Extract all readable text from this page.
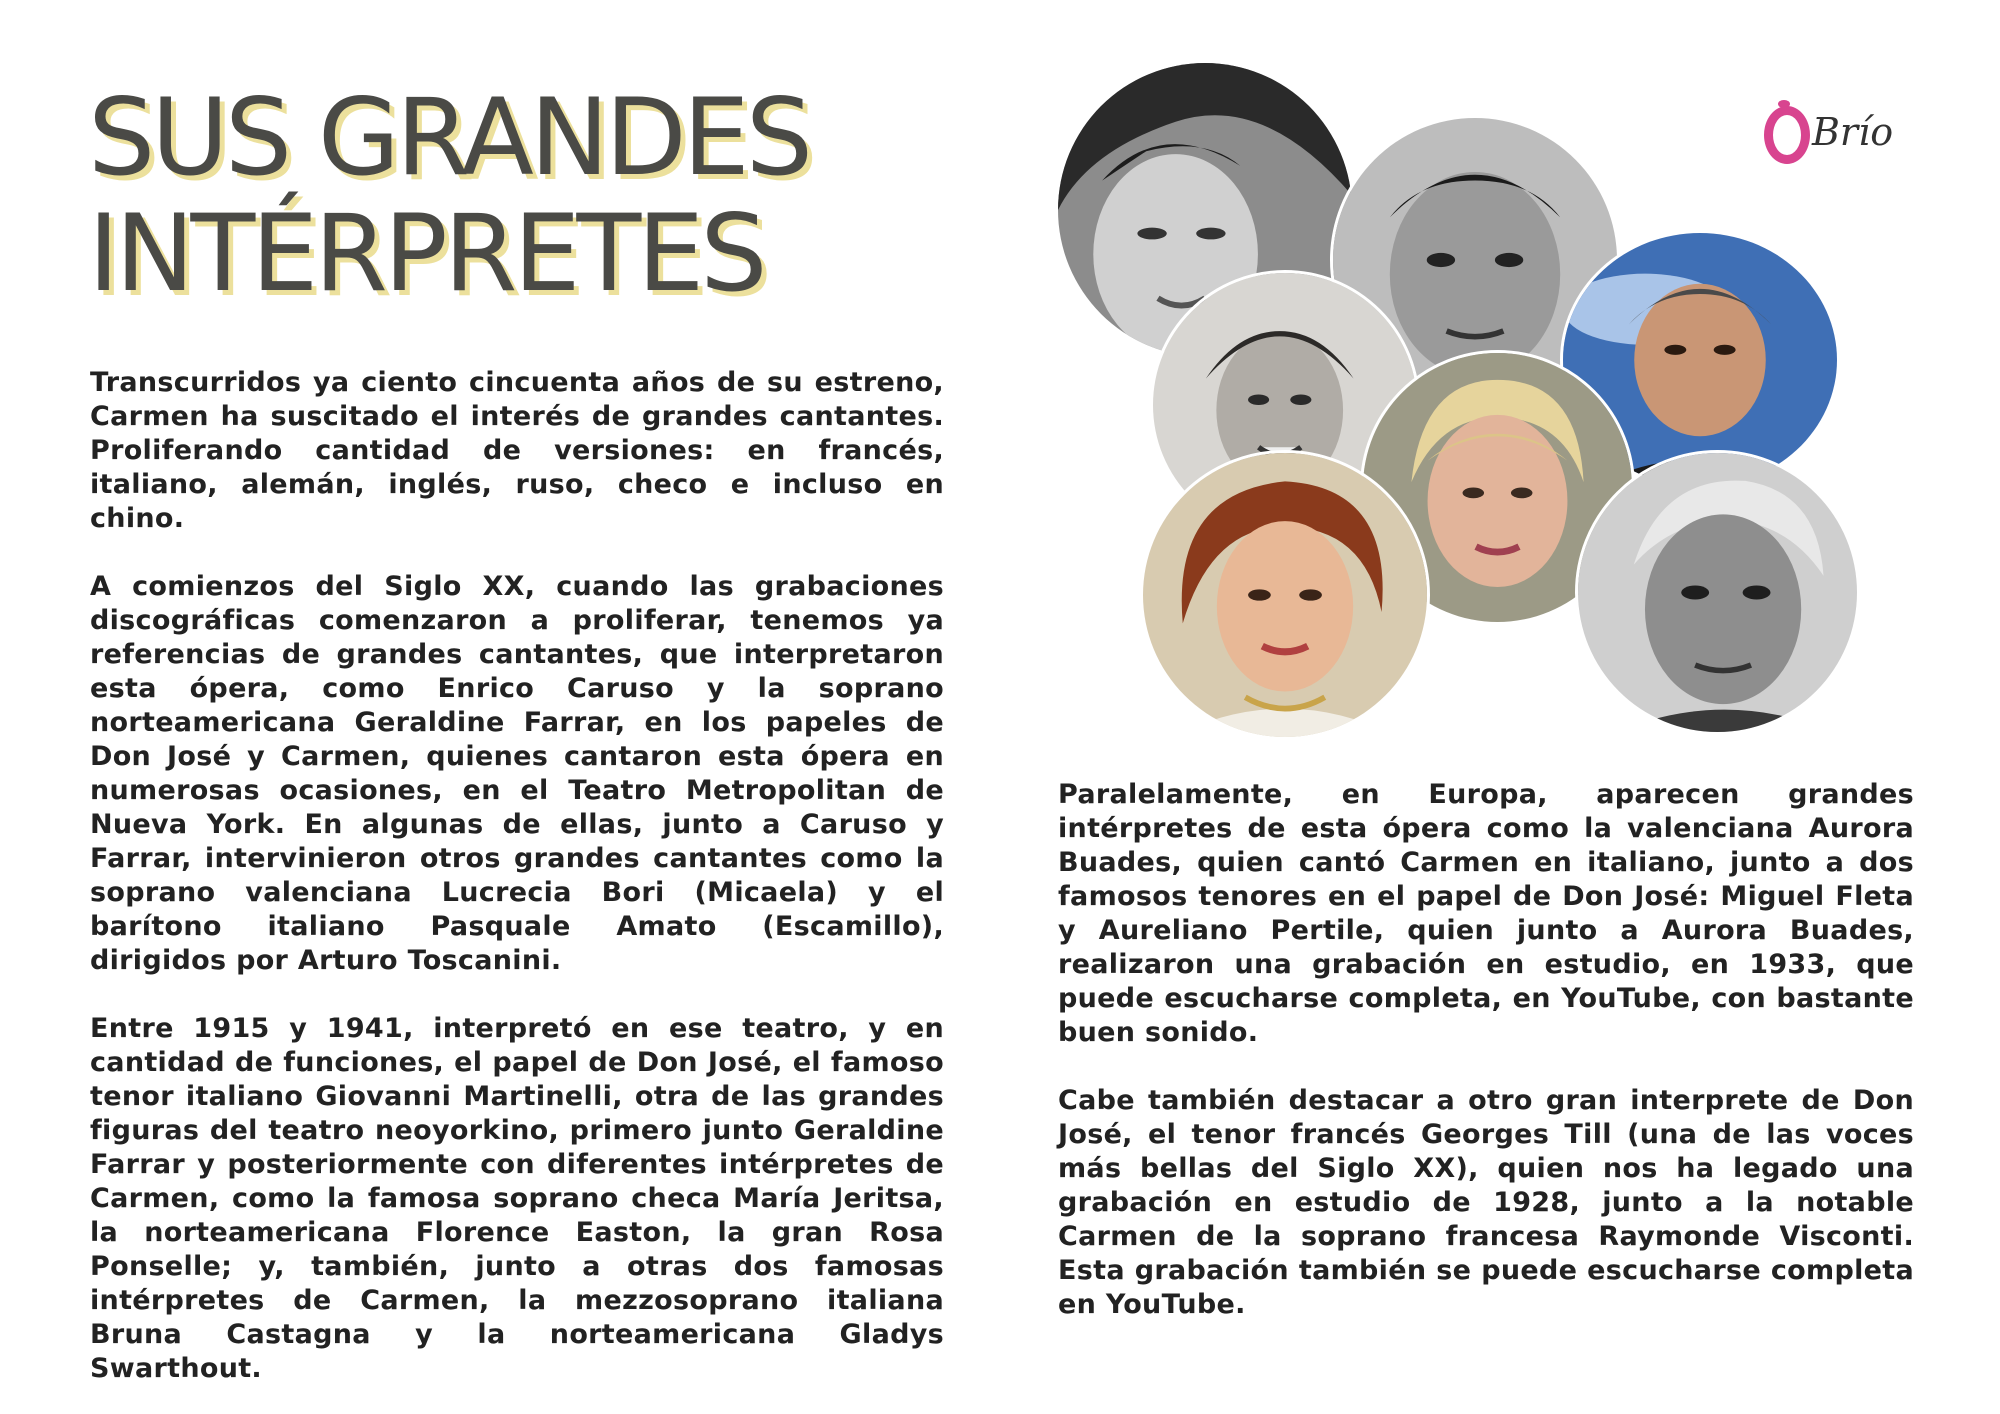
SUS GRANDES
INTÉRPRETES
Brío

Transcurridos ya ciento cincuenta años de su estreno, Carmen ha suscitado el interés de grandes cantantes. Proliferando cantidad de versiones: en francés, italiano, alemán, inglés, ruso, checo e incluso en chino.

A comienzos del Siglo XX, cuando las grabaciones discográficas comenzaron a proliferar, tenemos ya referencias de grandes cantantes, que interpretaron esta ópera, como Enrico Caruso y la soprano norteamericana Geraldine Farrar, en los papeles de Don José y Carmen, quienes cantaron esta ópera en numerosas ocasiones, en el Teatro Metropolitan de Nueva York. En algunas de ellas, junto a Caruso y Farrar, intervinieron otros grandes cantantes como la soprano valenciana Lucrecia Bori (Micaela) y el barítono italiano Pasquale Amato (Escamillo), dirigidos por Arturo Toscanini.

Entre 1915 y 1941, interpretó en ese teatro, y en cantidad de funciones, el papel de Don José, el famoso tenor italiano Giovanni Martinelli, otra de las grandes figuras del teatro neoyorkino, primero junto Geraldine Farrar y posteriormente con diferentes intérpretes de Carmen, como la famosa soprano checa María Jeritsa, la norteamericana Florence Easton, la gran Rosa Ponselle; y, también, junto a otras dos famosas intérpretes de Carmen, la mezzosoprano italiana Bruna Castagna y la norteamericana Gladys Swarthout.

Paralelamente, en Europa, aparecen grandes intérpretes de esta ópera como la valenciana Aurora Buades, quien cantó Carmen en italiano, junto a dos famosos tenores en el papel de Don José: Miguel Fleta y Aureliano Pertile, quien junto a Aurora Buades, realizaron una grabación en estudio, en 1933, que puede escucharse completa, en YouTube, con bastante buen sonido.

Cabe también destacar a otro gran interprete de Don José, el tenor francés Georges Till (una de las voces más bellas del Siglo XX), quien nos ha legado una grabación en estudio de 1928, junto a la notable Carmen de la soprano francesa Raymonde Visconti. Esta grabación también se puede escucharse completa en YouTube.
